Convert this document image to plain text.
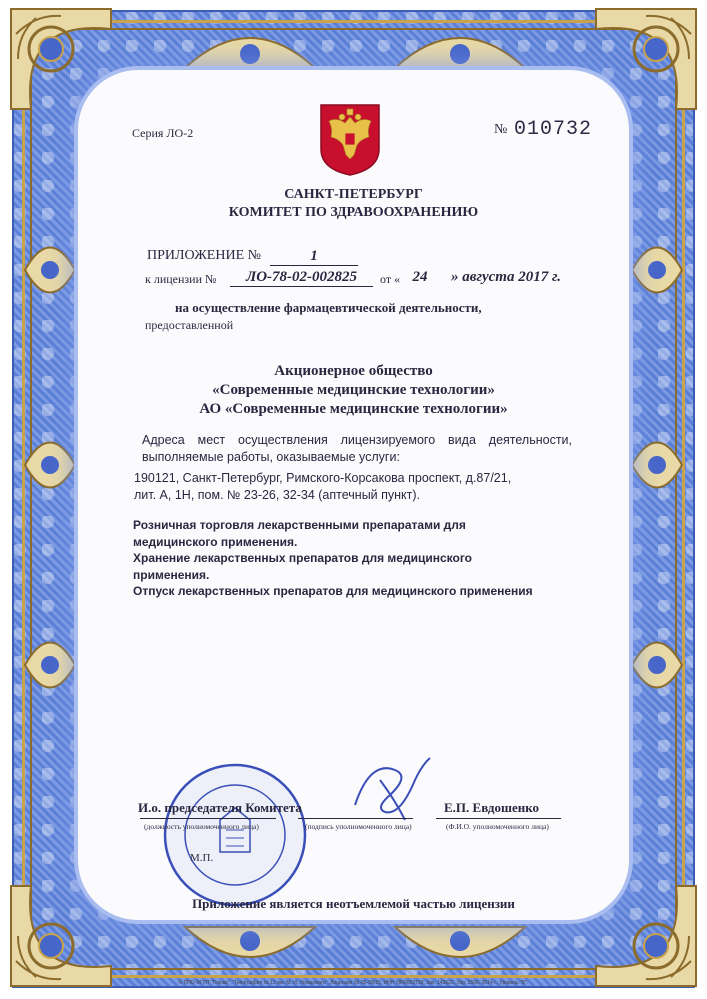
Серия ЛО-2	№ 010732
САНКТ-ПЕТЕРБУРГ
КОМИТЕТ ПО ЗДРАВООХРАНЕНИЮ
ПРИЛОЖЕНИЕ №	1
к лицензии №	ЛО-78-02-002825	от « 24	» августа 2017 г.
на осуществление фармацевтической деятельности,
предоставленной
Акционерное общество
«Современные медицинские технологии»
АО «Современные медицинские технологии»
Адреса мест осуществления лицензируемого вида деятельности, выполняемые работы, оказываемые услуги:
190121, Санкт-Петербург, Римского-Корсакова проспект, д.87/21,
лит. А, 1Н, пом. № 23-26, 32-34 (аптечный пункт).
Розничная торговля лекарственными препаратами для
медицинского применения.
Хранение лекарственных препаратов для медицинского
применения.
Отпуск лекарственных препаратов для медицинского применения
И.о. председателя Комитета
(должность уполномоченного лица)	(подпись уполномоченного лица)
Е.П. Евдошенко
(Ф.И.О. уполномоченного лица)
М.П.
Приложение является неотъемлемой частью лицензии
© ППО ФГУП "Гознак", "Типография № 12 им. М. И. Лоханского", Лицензия 05-05-09/15, ИНН 7809003739, Зак. 143622, Тир. 2500, 2014 г., Уровень "Б".
